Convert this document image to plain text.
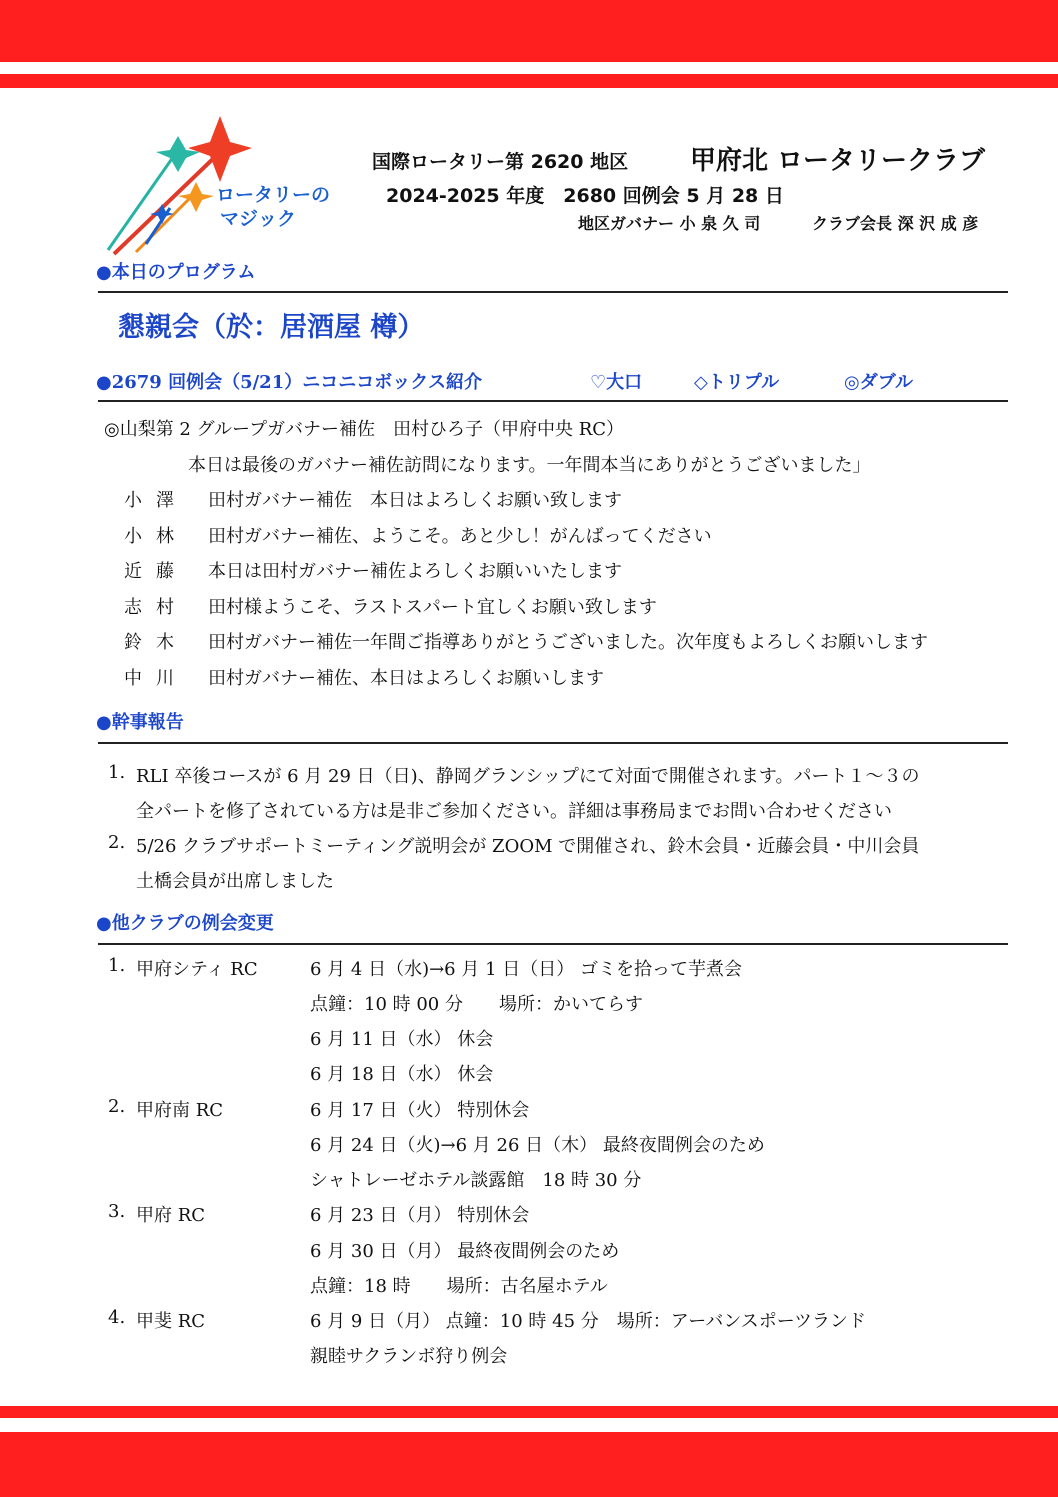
ロータリーの
マジック
国際ロータリー第 2620 地区 甲府北 ロータリークラブ
2024-2025 年度　2680 回例会 5 月 28 日
地区ガバナー 小 泉 久 司	クラブ会長 深 沢 成 彦
●本日のプログラム
懇親会（於：居酒屋 樽）
●2679 回例会（5/21）ニコニコボックス紹介	♡大口	◇トリプル	◎ダブル
◎山梨第 2 グループガバナー補佐　田村ひろ子（甲府中央 RC）
本日は最後のガバナー補佐訪問になります。一年間本当にありがとうございました」
小澤	田村ガバナー補佐　本日はよろしくお願い致します
小林	田村ガバナー補佐、ようこそ。あと少し！がんばってください
近藤	本日は田村ガバナー補佐よろしくお願いいたします
志村	田村様ようこそ、ラストスパート宜しくお願い致します
鈴木	田村ガバナー補佐一年間ご指導ありがとうございました。次年度もよろしくお願いします
中川	田村ガバナー補佐、本日はよろしくお願いします
●幹事報告
1. RLI 卒後コースが 6 月 29 日（日)、静岡グランシップにて対面で開催されます。パート１～３の
全パートを修了されている方は是非ご参加ください。詳細は事務局までお問い合わせください
2. 5/26 クラブサポートミーティング説明会が ZOOM で開催され、鈴木会員・近藤会員・中川会員
土橋会員が出席しました
●他クラブの例会変更
1. 甲府シティ RC	6 月 4 日（水)→6 月 1 日（日） ゴミを拾って芋煮会
点鐘：10 時 00 分　　場所：かいてらす
6 月 11 日（水） 休会
6 月 18 日（水） 休会
2. 甲府南 RC	6 月 17 日（火） 特別休会
6 月 24 日（火)→6 月 26 日（木） 最終夜間例会のため
シャトレーゼホテル談露館　18 時 30 分
3. 甲府 RC	6 月 23 日（月） 特別休会
6 月 30 日（月） 最終夜間例会のため
点鐘：18 時　　場所：古名屋ホテル
4. 甲斐 RC	6 月 9 日（月） 点鐘：10 時 45 分　場所：アーバンスポーツランド
親睦サクランボ狩り例会
